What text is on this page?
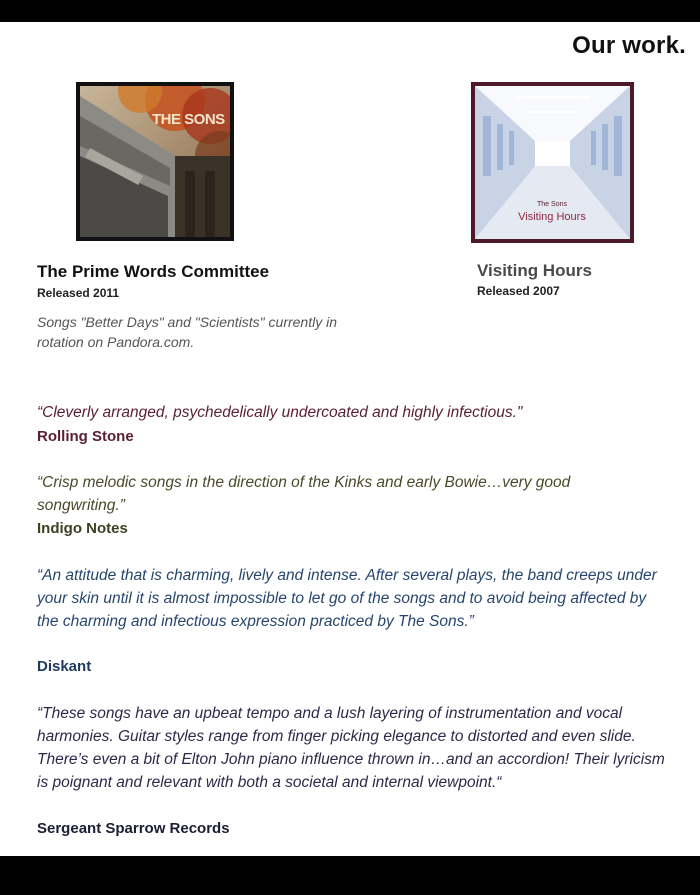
Our work.
THE SONS
The Sons
Visiting Hours
The Prime Words Committee
Released 2011
Songs "Better Days" and "Scientists" currently in rotation on Pandora.com.
Visiting Hours
Released 2007
“Cleverly arranged, psychedelically undercoated and highly infectious."
Rolling Stone
“Crisp melodic songs in the direction of the Kinks and early Bowie…very good songwriting.”
Indigo Notes
“An attitude that is charming, lively and intense. After several plays, the band creeps under your skin until it is almost impossible to let go of the songs and to avoid being affected by the charming and infectious expression practiced by The Sons.”
Diskant
“These songs have an upbeat tempo and a lush layering of instrumentation and vocal harmonies. Guitar styles range from finger picking elegance to distorted and even slide. There’s even a bit of Elton John piano influence thrown in…and an accordion! Their lyricism is poignant and relevant with both a societal and internal viewpoint.“
Sergeant Sparrow Records
